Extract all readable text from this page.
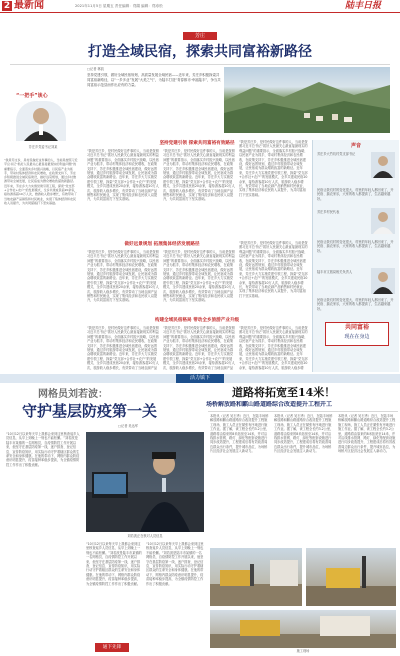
2 最新闻	2021年11月5日 星期五 责任编辑：郑娟 编辑：郑寿松	陆丰日报
芳庄
打造全域民宿，探索共同富裕新路径
□记者 林凯
坚持党建引领，做好全域民宿规划，高质量发展全域民宿——近年来，芳庄乡积极探索共同富裕新路径，以“一乡多业”发展“大美之气”，为陆丰打造“青春都市·幸福陆丰”，争当共同富裕示范县而作出应有的力量。
“一把手”谈心
芳庄乡党委书记刘某
“我是芳庄乡，是村民做好这件事的人，当前是按照习近平总书记“抓好人民最关心最直接最现实的利益问题”的重要指示，全面落实乡村振兴战略，以民宿产业为抓手，带动村集体经济和农民增收，在政策支持下，芳庄乡积极推进全域民宿建设，做好远景规划，通过乡村旅游带动全域发展，让民宿成为群众增收致富的新路径。近年来，芳庄乡大力实施党建引领工程，探索“党支部+合作社+农户”的发展模式，全乡共建成民宿20余家，接待游客超10万人次，旅游收入稳步增长，有效带动了当地农副产品销售和村民就业，实现了集体经济和农民收入双提升，为共同富裕打下坚实基础。
坚持党建引领 探索共同富裕有效路径
“我是芳庄乡，是村民做好这件事的人，当前是按照习近平总书记“抓好人民最关心最直接最现实的利益问题”的重要指示，全面落实乡村振兴战略，以民宿产业为抓手，带动村集体经济和农民增收，在政策支持下，芳庄乡积极推进全域民宿建设，做好远景规划，通过乡村旅游带动全域发展，让民宿成为群众增收致富的新路径。近年来，芳庄乡大力实施党建引领工程，探索“党支部+合作社+农户”的发展模式，全乡共建成民宿20余家，接待游客超10万人次，旅游收入稳步增长，有效带动了当地农副产品销售和村民就业，实现了集体经济和农民收入双提升，为共同富裕打下坚实基础。
“我是芳庄乡，是村民做好这件事的人，当前是按照习近平总书记“抓好人民最关心最直接最现实的利益问题”的重要指示，全面落实乡村振兴战略，以民宿产业为抓手，带动村集体经济和农民增收，在政策支持下，芳庄乡积极推进全域民宿建设，做好远景规划，通过乡村旅游带动全域发展，让民宿成为群众增收致富的新路径。近年来，芳庄乡大力实施党建引领工程，探索“党支部+合作社+农户”的发展模式，全乡共建成民宿20余家，接待游客超10万人次，旅游收入稳步增长，有效带动了当地农副产品销售和村民就业，实现了集体经济和农民收入双提升，为共同富裕打下坚实基础。
“我是芳庄乡，是村民做好这件事的人，当前是按照习近平总书记“抓好人民最关心最直接最现实的利益问题”的重要指示，全面落实乡村振兴战略，以民宿产业为抓手，带动村集体经济和农民增收，在政策支持下，芳庄乡积极推进全域民宿建设，做好远景规划，通过乡村旅游带动全域发展，让民宿成为群众增收致富的新路径。近年来，芳庄乡大力实施党建引领工程，探索“党支部+合作社+农户”的发展模式，全乡共建成民宿20余家，接待游客超10万人次，旅游收入稳步增长，有效带动了当地农副产品销售和村民就业，实现了集体经济和农民收入双提升，为共同富裕打下坚实基础。
做好远景规划 拓展集体经济发展路径
“我是芳庄乡，是村民做好这件事的人，当前是按照习近平总书记“抓好人民最关心最直接最现实的利益问题”的重要指示，全面落实乡村振兴战略，以民宿产业为抓手，带动村集体经济和农民增收，在政策支持下，芳庄乡积极推进全域民宿建设，做好远景规划，通过乡村旅游带动全域发展，让民宿成为群众增收致富的新路径。近年来，芳庄乡大力实施党建引领工程，探索“党支部+合作社+农户”的发展模式，全乡共建成民宿20余家，接待游客超10万人次，旅游收入稳步增长，有效带动了当地农副产品销售和村民就业，实现了集体经济和农民收入双提升，为共同富裕打下坚实基础。
“我是芳庄乡，是村民做好这件事的人，当前是按照习近平总书记“抓好人民最关心最直接最现实的利益问题”的重要指示，全面落实乡村振兴战略，以民宿产业为抓手，带动村集体经济和农民增收，在政策支持下，芳庄乡积极推进全域民宿建设，做好远景规划，通过乡村旅游带动全域发展，让民宿成为群众增收致富的新路径。近年来，芳庄乡大力实施党建引领工程，探索“党支部+合作社+农户”的发展模式，全乡共建成民宿20余家，接待游客超10万人次，旅游收入稳步增长，有效带动了当地农副产品销售和村民就业，实现了集体经济和农民收入双提升，为共同富裕打下坚实基础。
“我是芳庄乡，是村民做好这件事的人，当前是按照习近平总书记“抓好人民最关心最直接最现实的利益问题”的重要指示，全面落实乡村振兴战略，以民宿产业为抓手，带动村集体经济和农民增收，在政策支持下，芳庄乡积极推进全域民宿建设，做好远景规划，通过乡村旅游带动全域发展，让民宿成为群众增收致富的新路径。近年来，芳庄乡大力实施党建引领工程，探索“党支部+合作社+农户”的发展模式，全乡共建成民宿20余家，接待游客超10万人次，旅游收入稳步增长，有效带动了当地农副产品销售和村民就业，实现了集体经济和农民收入双提升，为共同富裕打下坚实基础。
构建全域民宿格局 带动全乡旅游产业升级
“我是芳庄乡，是村民做好这件事的人，当前是按照习近平总书记“抓好人民最关心最直接最现实的利益问题”的重要指示，全面落实乡村振兴战略，以民宿产业为抓手，带动村集体经济和农民增收，在政策支持下，芳庄乡积极推进全域民宿建设，做好远景规划，通过乡村旅游带动全域发展，让民宿成为群众增收致富的新路径。近年来，芳庄乡大力实施党建引领工程，探索“党支部+合作社+农户”的发展模式，全乡共建成民宿20余家，接待游客超10万人次，旅游收入稳步增长，有效带动了当地农副产品
“我是芳庄乡，是村民做好这件事的人，当前是按照习近平总书记“抓好人民最关心最直接最现实的利益问题”的重要指示，全面落实乡村振兴战略，以民宿产业为抓手，带动村集体经济和农民增收，在政策支持下，芳庄乡积极推进全域民宿建设，做好远景规划，通过乡村旅游带动全域发展，让民宿成为群众增收致富的新路径。近年来，芳庄乡大力实施党建引领工程，探索“党支部+合作社+农户”的发展模式，全乡共建成民宿20余家，接待游客超10万人次，旅游收入稳步增长，有效带动了当地农副产品
“我是芳庄乡，是村民做好这件事的人，当前是按照习近平总书记“抓好人民最关心最直接最现实的利益问题”的重要指示，全面落实乡村振兴战略，以民宿产业为抓手，带动村集体经济和农民增收，在政策支持下，芳庄乡积极推进全域民宿建设，做好远景规划，通过乡村旅游带动全域发展，让民宿成为群众增收致富的新路径。近年来，芳庄乡大力实施党建引领工程，探索“党支部+合作社+农户”的发展模式，全乡共建成民宿20余家，接待游客超10万人次，旅游收入稳步增
声音
芳庄乡大竹坑村党支部书记
民宿让我们村的变化很大，村里的年轻人都回来了，开民宿、搞农家乐，大家的收入都提高了，生活越来越好。
芳庄乡村民代表
民宿让我们村的变化很大，村里的年轻人都回来了，开民宿、搞农家乐，大家的收入都提高了，生活越来越好。
陆丰市文旅局相关负责人
民宿让我们村的变化很大，村里的年轻人都回来了，开民宿、搞农家乐，大家的收入都提高了，生活越来越好。
共同富裕
现在在身边
活力镇下
网格员刘若波：
守护基层防疫第一关
□记者 吴达军
“10月12日以来每天早上我都会来到这里核查返乡人员信息，从早上到晚上一刻也不能松懈。”刘若波是陆丰市某镇的一名网格员，自疫情防控工作开展以来，他坚守在基层防疫第一线，逐户排查、登记信息、宣传防疫知识，用实际行动守护着辖区群众的生命安全和身体健康。在他的带动下，网格内群众防疫意识明显提升，疫苗接种率稳步提高，为全镇疫情防控工作作出了积极贡献。
刘若波正在核对人员信息
“10月12日以来每天早上我都会来到这里核查返乡人员信息，从早上到晚上一刻也不能松懈。”刘若波是陆丰市某镇的一名网格员，自疫情防控工作开展以来，他坚守在基层防疫第一线，逐户排查、登记信息、宣传防疫知识，用实际行动守护着辖区群众的生命安全和身体健康。在他的带动下，网格内群众防疫意识明显提升，疫苗接种率稳步提高，为全镇疫情防控工作作出了积极贡献。
“10月12日以来每天早上我都会来到这里核查返乡人员信息，从早上到晚上一刻也不能松懈。”刘若波是陆丰市某镇的一名网格员，自疫情防控工作开展以来，他坚守在基层防疫第一线，逐户排查、登记信息、宣传防疫知识，用实际行动守护着辖区群众的生命安全和身体健康。在他的带动下，网格内群众防疫意识明显提升，疫苗接种率稳步提高，为全镇疫情防控工作作出了积极贡献。
通下先锋
道路将拓宽至14米！
场桥解放路和麒山路道路综合改造提升工程开工
本报讯（记者 吴石秀）近日，在陆丰场桥解放路和麒山路道路综合改造提升工程施工现场，施工人员正在紧张有序地进行施工作业。据了解，该工程全长约3.2公里，道路将由原来的8米拓宽至14米，并对沿线排水管网、路灯、绿化等配套设施进行同步改造提升，工程建成后将有效改善周边群众出行条件，提升城市品位，为场桥片区经济社会发展注入新动力。
本报讯（记者 吴石秀）近日，在陆丰场桥解放路和麒山路道路综合改造提升工程施工现场，施工人员正在紧张有序地进行施工作业。据了解，该工程全长约3.2公里，道路将由原来的8米拓宽至14米，并对沿线排水管网、路灯、绿化等配套设施进行同步改造提升，工程建成后将有效改善周边群众出行条件，提升城市品位，为场桥片区经济社会发展注入新动力。
本报讯（记者 吴石秀）近日，在陆丰场桥解放路和麒山路道路综合改造提升工程施工现场，施工人员正在紧张有序地进行施工作业。据了解，该工程全长约3.2公里，道路将由原来的8米拓宽至14米，并对沿线排水管网、路灯、绿化等配套设施进行同步改造提升，工程建成后将有效改善周边群众出行条件，提升城市品位，为场桥片区经济社会发展注入新动力。
施工现场
